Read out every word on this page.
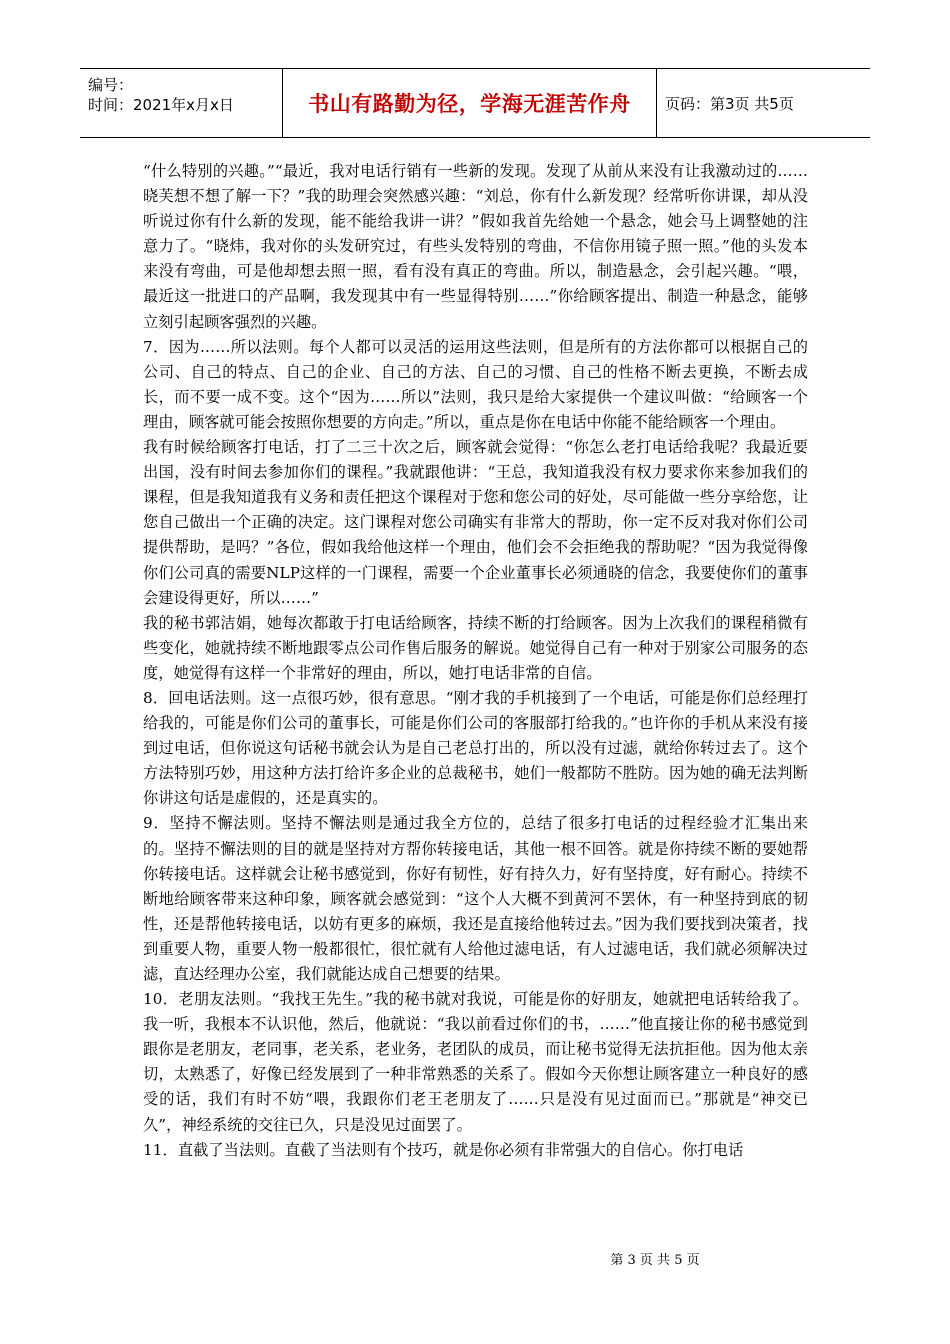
编号：
时间：2021年x月x日	书山有路勤为径，学海无涯苦作舟	页码：第3页 共5页

“什么特别的兴趣。”“最近，我对电话行销有一些新的发现。发现了从前从来没有让我激动过的……晓芙想不想了解一下？”我的助理会突然感兴趣：“刘总，你有什么新发现？经常听你讲课，却从没听说过你有什么新的发现，能不能给我讲一讲？”假如我首先给她一个悬念，她会马上调整她的注意力了。“晓炜，我对你的头发研究过，有些头发特别的弯曲，不信你用镜子照一照。”他的头发本来没有弯曲，可是他却想去照一照，看有没有真正的弯曲。所以，制造悬念，会引起兴趣。“喂，最近这一批进口的产品啊，我发现其中有一些显得特别……”你给顾客提出、制造一种悬念，能够立刻引起顾客强烈的兴趣。

7．因为……所以法则。每个人都可以灵活的运用这些法则，但是所有的方法你都可以根据自己的公司、自己的特点、自己的企业、自己的方法、自己的习惯、自己的性格不断去更换，不断去成长，而不要一成不变。这个“因为……所以”法则，我只是给大家提供一个建议叫做：“给顾客一个理由，顾客就可能会按照你想要的方向走。”所以，重点是你在电话中你能不能给顾客一个理由。

我有时候给顾客打电话，打了二三十次之后，顾客就会觉得：“你怎么老打电话给我呢？我最近要出国，没有时间去参加你们的课程。”我就跟他讲：“王总，我知道我没有权力要求你来参加我们的课程，但是我知道我有义务和责任把这个课程对于您和您公司的好处，尽可能做一些分享给您，让您自己做出一个正确的决定。这门课程对您公司确实有非常大的帮助，你一定不反对我对你们公司提供帮助，是吗？”各位，假如我给他这样一个理由，他们会不会拒绝我的帮助呢？“因为我觉得像你们公司真的需要NLP这样的一门课程，需要一个企业董事长必须通晓的信念，我要使你们的董事会建设得更好，所以……”

我的秘书郭洁娟，她每次都敢于打电话给顾客，持续不断的打给顾客。因为上次我们的课程稍微有些变化，她就持续不断地跟零点公司作售后服务的解说。她觉得自己有一种对于别家公司服务的态度，她觉得有这样一个非常好的理由，所以，她打电话非常的自信。

8．回电话法则。这一点很巧妙，很有意思。“刚才我的手机接到了一个电话，可能是你们总经理打给我的，可能是你们公司的董事长，可能是你们公司的客服部打给我的。”也许你的手机从来没有接到过电话，但你说这句话秘书就会认为是自己老总打出的，所以没有过滤，就给你转过去了。这个方法特别巧妙，用这种方法打给许多企业的总裁秘书，她们一般都防不胜防。因为她的确无法判断你讲这句话是虚假的，还是真实的。

9．坚持不懈法则。坚持不懈法则是通过我全方位的，总结了很多打电话的过程经验才汇集出来的。坚持不懈法则的目的就是坚持对方帮你转接电话，其他一根不回答。就是你持续不断的要她帮你转接电话。这样就会让秘书感觉到，你好有韧性，好有持久力，好有坚持度，好有耐心。持续不断地给顾客带来这种印象，顾客就会感觉到：“这个人大概不到黄河不罢休，有一种坚持到底的韧性，还是帮他转接电话，以妨有更多的麻烦，我还是直接给他转过去。”因为我们要找到决策者，找到重要人物，重要人物一般都很忙，很忙就有人给他过滤电话，有人过滤电话，我们就必须解决过滤，直达经理办公室，我们就能达成自己想要的结果。

10．老朋友法则。“我找王先生。”我的秘书就对我说，可能是你的好朋友，她就把电话转给我了。我一听，我根本不认识他，然后，他就说：“我以前看过你们的书，……”他直接让你的秘书感觉到跟你是老朋友，老同事，老关系，老业务，老团队的成员，而让秘书觉得无法抗拒他。因为他太亲切，太熟悉了，好像已经发展到了一种非常熟悉的关系了。假如今天你想让顾客建立一种良好的感受的话，我们有时不妨“喂，我跟你们老王老朋友了……只是没有见过面而已。”那就是“神交已久”，神经系统的交往已久，只是没见过面罢了。

11．直截了当法则。直截了当法则有个技巧，就是你必须有非常强大的自信心。你打电话

第 3 页 共 5 页
